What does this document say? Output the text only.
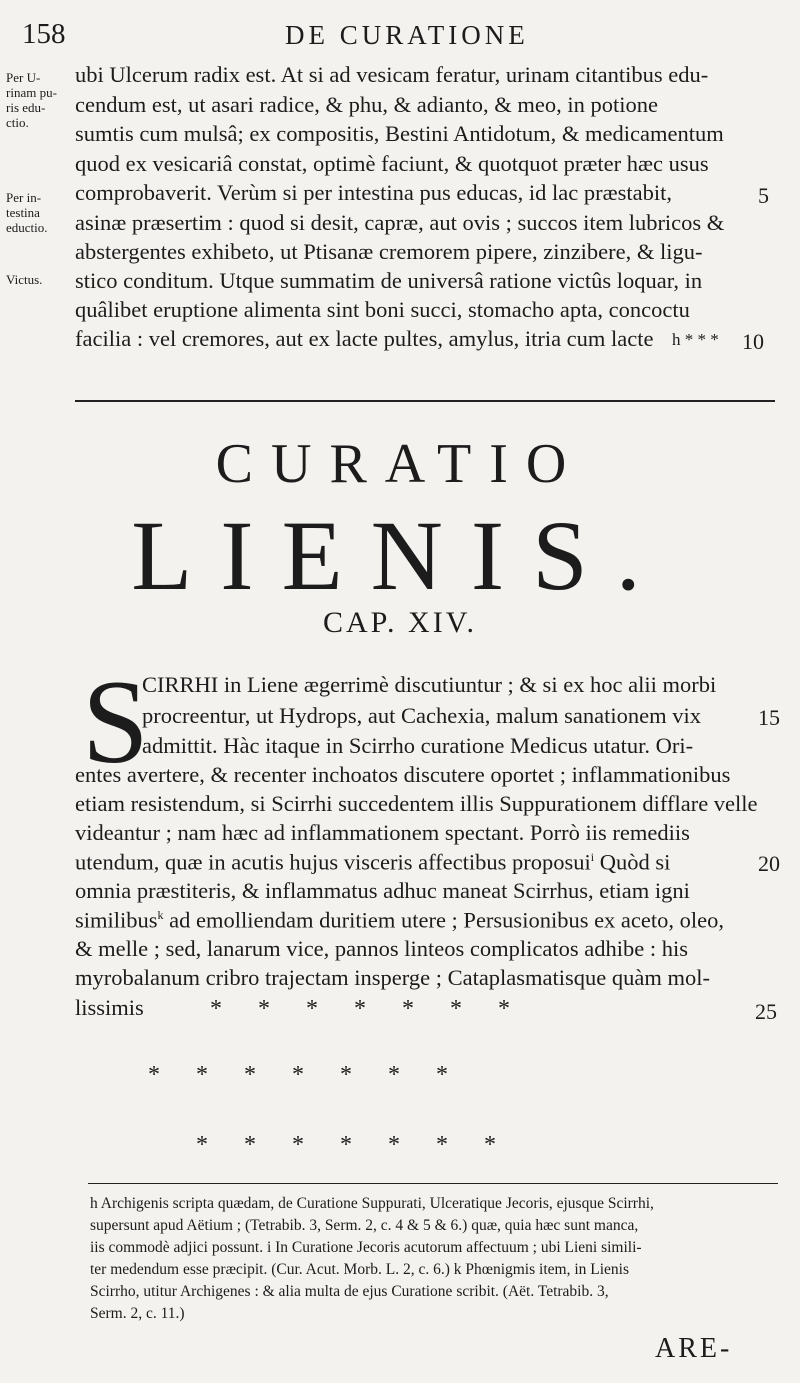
158	DE CURATIONE
Per U-
rinam pu-
ris edu-
ctio.
Per in-
testina
eductio.
Victus.
ubi Ulcerum radix est. At si ad vesicam feratur, urinam citantibus edu-
cendum est, ut asari radice, & phu, & adianto, & meo, in potione
sumtis cum mulsâ; ex compositis, Bestini Antidotum, & medicamentum
quod ex vesicariâ constat, optimè faciunt, & quotquot præter hæc usus
comprobaverit. Verùm si per intestina pus educas, id lac præstabit,
asinæ præsertim : quod si desit, capræ, aut ovis ; succos item lubricos &
abstergentes exhibeto, ut Ptisanæ cremorem pipere, zinzibere, & ligu-
stico conditum. Utque summatim de universâ ratione victûs loquar, in
quâlibet eruptione alimenta sint boni succi, stomacho apta, concoctu
facilia : vel cremores, aut ex lacte pultes, amylus, itria cum lacte h * * *
5
10
15
20
25
CURATIO
LIENIS.
CAP. XIV.
S
CIRRHI in Liene ægerrimè discutiuntur ; & si ex hoc alii morbi
procreentur, ut Hydrops, aut Cachexia, malum sanationem vix
admittit. Hàc itaque in Scirrho curatione Medicus utatur. Ori-
entes avertere, & recenter inchoatos discutere oportet ; inflammationibus
etiam resistendum, si Scirrhi succedentem illis Suppurationem difflare velle
videantur ; nam hæc ad inflammationem spectant. Porrò iis remediis
utendum, quæ in acutis hujus visceris affectibus proposui$^i$ Quòd si
omnia præstiteris, & inflammatus adhuc maneat Scirrhus, etiam igni
similibus$^k$ ad emolliendam duritiem utere ; Persusionibus ex aceto, oleo,
& melle ; sed, lanarum vice, pannos linteos complicatos adhibe : his
myrobalanum cribro trajectam insperge ; Cataplasmatisque quàm mol-
lissimis	*      *      *      *      *      *      *
*      *      *      *      *      *      *
*      *      *      *      *      *      *
h Archigenis scripta quædam, de Curatione Suppurati, Ulceratique Jecoris, ejusque Scirrhi,
supersunt apud Aëtium ; (Tetrabib. 3, Serm. 2, c. 4 & 5 & 6.) quæ, quia hæc sunt manca,
iis commodè adjici possunt. i In Curatione Jecoris acutorum affectuum ; ubi Lieni simili-
ter medendum esse præcipit. (Cur. Acut. Morb. L. 2, c. 6.) k Phœnigmis item, in Lienis
Scirrho, utitur Archigenes : & alia multa de ejus Curatione scribit. (Aët. Tetrabib. 3,
Serm. 2, c. 11.)
ARE-
